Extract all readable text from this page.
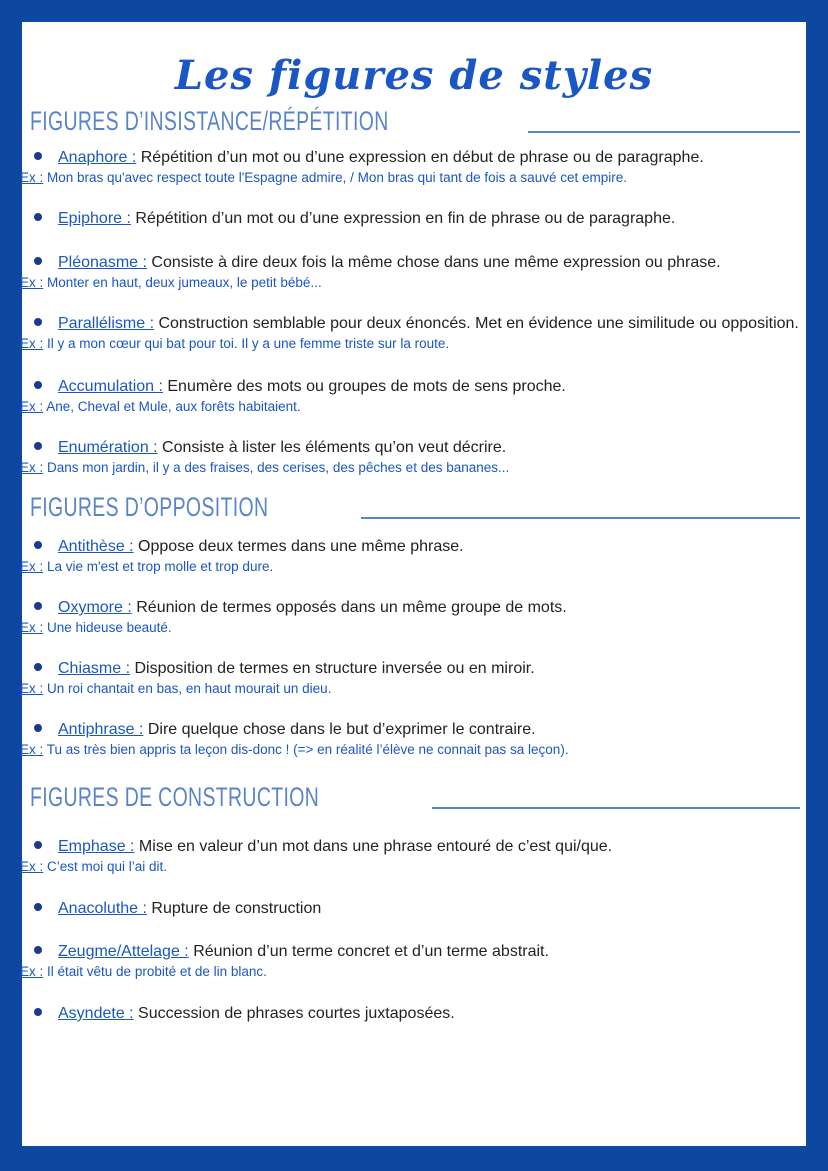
Les figures de styles
FIGURES D’INSISTANCE/RÉPÉTITION
Anaphore : Répétition d’un mot ou d’une expression en début de phrase ou de paragraphe.
Ex : Mon bras qu'avec respect toute l'Espagne admire, / Mon bras qui tant de fois a sauvé cet empire.
Epiphore : Répétition d’un mot ou d’une expression en fin de phrase ou de paragraphe.
Pléonasme : Consiste à dire deux fois la même chose dans une même expression ou phrase.
Ex : Monter en haut, deux jumeaux, le petit bébé...
Parallélisme : Construction semblable pour deux énoncés. Met en évidence une similitude ou opposition.
Ex : Il y a mon cœur qui bat pour toi. Il y a une femme triste sur la route.
Accumulation : Enumère des mots ou groupes de mots de sens proche.
Ex : Ane, Cheval et Mule, aux forêts habitaient.
Enumération : Consiste à lister les éléments qu’on veut décrire.
Ex : Dans mon jardin, il y a des fraises, des cerises, des pêches et des bananes...
FIGURES D’OPPOSITION
Antithèse : Oppose deux termes dans une même phrase.
Ex : La vie m'est et trop molle et trop dure.
Oxymore : Réunion de termes opposés dans un même groupe de mots.
Ex : Une hideuse beauté.
Chiasme : Disposition de termes en structure inversée ou en miroir.
Ex : Un roi chantait en bas, en haut mourait un dieu.
Antiphrase : Dire quelque chose dans le but d’exprimer le contraire.
Ex : Tu as très bien appris ta leçon dis-donc ! (=> en réalité l’élève ne connait pas sa leçon).
FIGURES DE CONSTRUCTION
Emphase : Mise en valeur d’un mot dans une phrase entouré de c’est qui/que.
Ex : C’est moi qui l’ai dit.
Anacoluthe : Rupture de construction
Zeugme/Attelage : Réunion d’un terme concret et d’un terme abstrait.
Ex : Il était vêtu de probité et de lin blanc.
Asyndete : Succession de phrases courtes juxtaposées.
